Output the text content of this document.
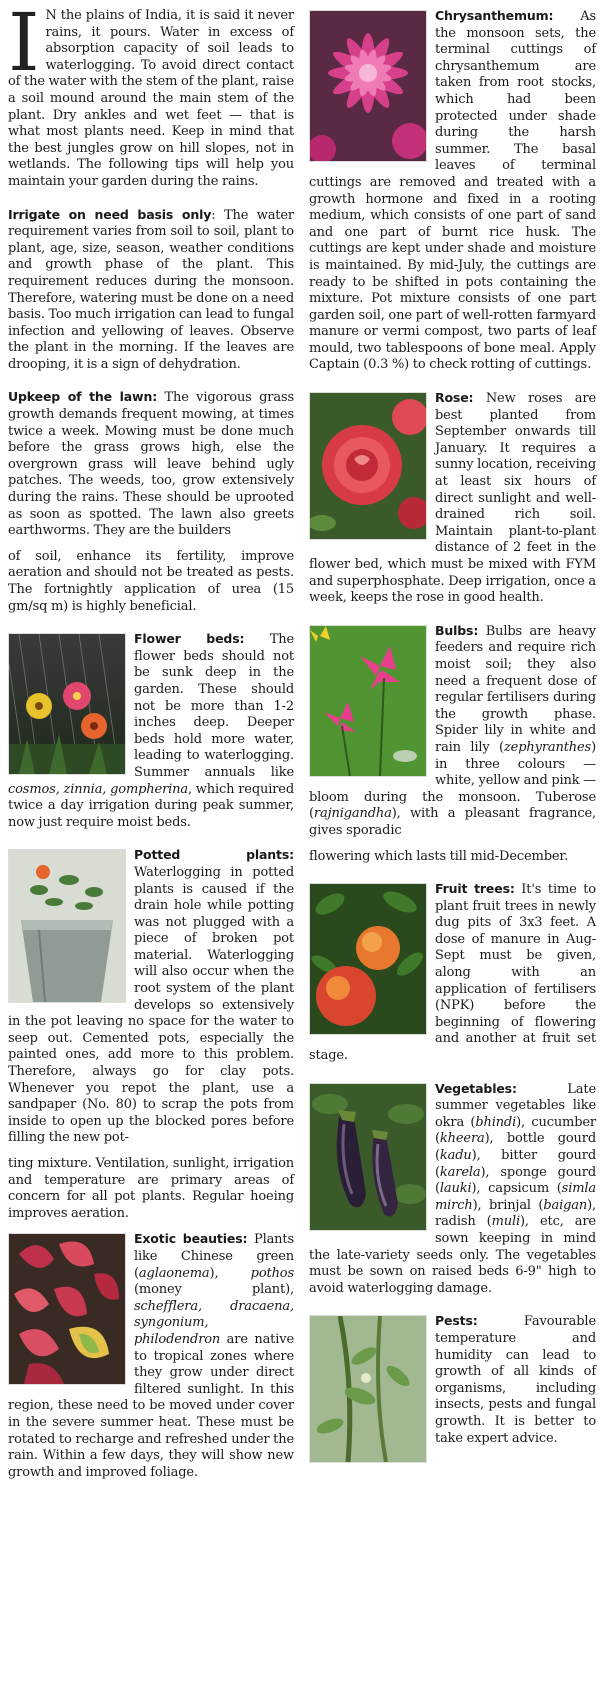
I N the plains of India, it is said it never rains, it pours. Water in excess of absorption capacity of soil leads to waterlogging. To avoid direct contact of the water with the stem of the plant, raise a soil mound around the main stem of the plant. Dry ankles and wet feet — that is what most plants need. Keep in mind that the best jungles grow on hill slopes, not in wetlands. The following tips will help you maintain your garden during the rains.

Irrigate on need basis only: The water requirement varies from soil to soil, plant to plant, age, size, season, weather conditions and growth phase of the plant. This requirement reduces during the monsoon. Therefore, watering must be done on a need basis. Too much irrigation can lead to fungal infection and yellowing of leaves. Observe the plant in the morning. If the leaves are drooping, it is a sign of dehydration.

Upkeep of the lawn: The vigorous grass growth demands frequent mowing, at times twice a week. Mowing must be done much before the grass grows high, else the overgrown grass will leave behind ugly patches. The weeds, too, grow extensively during the rains. These should be uprooted as soon as spotted. The lawn also greets earthworms. They are the builders

of soil, enhance its fertility, improve aeration and should not be treated as pests. The fortnightly application of urea (15 gm/sq m) is highly beneficial.

Flower beds: The flower beds should not be sunk deep in the garden. These should not be more than 1-2 inches deep. Deeper beds hold more water, leading to waterlogging. Summer annuals like cosmos, zinnia, gompherina, which required twice a day irrigation during peak summer, now just require moist beds.

Potted plants: Waterlogging in potted plants is caused if the drain hole while potting was not plugged with a piece of broken pot material. Waterlogging will also occur when the root system of the plant develops so extensively in the pot leaving no space for the water to seep out. Cemented pots, especially the painted ones, add more to this problem. Therefore, always go for clay pots. Whenever you repot the plant, use a sandpaper (No. 80) to scrap the pots from inside to open up the blocked pores before filling the new pot-

ting mixture. Ventilation, sunlight, irrigation and temperature are primary areas of concern for all pot plants. Regular hoeing improves aeration.

Exotic beauties: Plants like Chinese green (aglaonema), pothos (money plant), schefflera, dracaena, syngonium, philodendron are native to tropical zones where they grow under direct filtered sunlight. In this region, these need to be moved under cover in the severe summer heat. These must be rotated to recharge and refreshed under the rain. Within a few days, they will show new growth and improved foliage.

Chrysanthemum: As the monsoon sets, the terminal cuttings of chrysanthemum are taken from root stocks, which had been protected under shade during the harsh summer. The basal leaves of terminal cuttings are removed and treated with a growth hormone and fixed in a rooting medium, which consists of one part of sand and one part of burnt rice husk. The cuttings are kept under shade and moisture is maintained. By mid-July, the cuttings are ready to be shifted in pots containing the mixture. Pot mixture consists of one part garden soil, one part of well-rotten farmyard manure or vermi compost, two parts of leaf mould, two tablespoons of bone meal. Apply Captain (0.3 %) to check rotting of cuttings.

Rose: New roses are best planted from September onwards till January. It requires a sunny location, receiving at least six hours of direct sunlight and well-drained rich soil. Maintain plant-to-plant distance of 2 feet in the flower bed, which must be mixed with FYM and superphosphate. Deep irrigation, once a week, keeps the rose in good health.

Bulbs: Bulbs are heavy feeders and require rich moist soil; they also need a frequent dose of regular fertilisers during the growth phase. Spider lily in white and rain lily (zephyranthes) in three colours — white, yellow and pink — bloom during the monsoon. Tuberose (rajnigandha), with a pleasant fragrance, gives sporadic

flowering which lasts till mid-December.

Fruit trees: It's time to plant fruit trees in newly dug pits of 3x3 feet. A dose of manure in Aug-Sept must be given, along with an application of fertilisers (NPK) before the beginning of flowering and another at fruit set stage.

Vegetables: Late summer vegetables like okra (bhindi), cucumber (kheera), bottle gourd (kadu), bitter gourd (karela), sponge gourd (lauki), capsicum (simla mirch), brinjal (baigan), radish (muli), etc, are sown keeping in mind the late-variety seeds only. The vegetables must be sown on raised beds 6-9" high to avoid waterlogging damage.

Pests: Favourable temperature and humidity can lead to growth of all kinds of organisms, including insects, pests and fungal growth. It is better to take expert advice.
